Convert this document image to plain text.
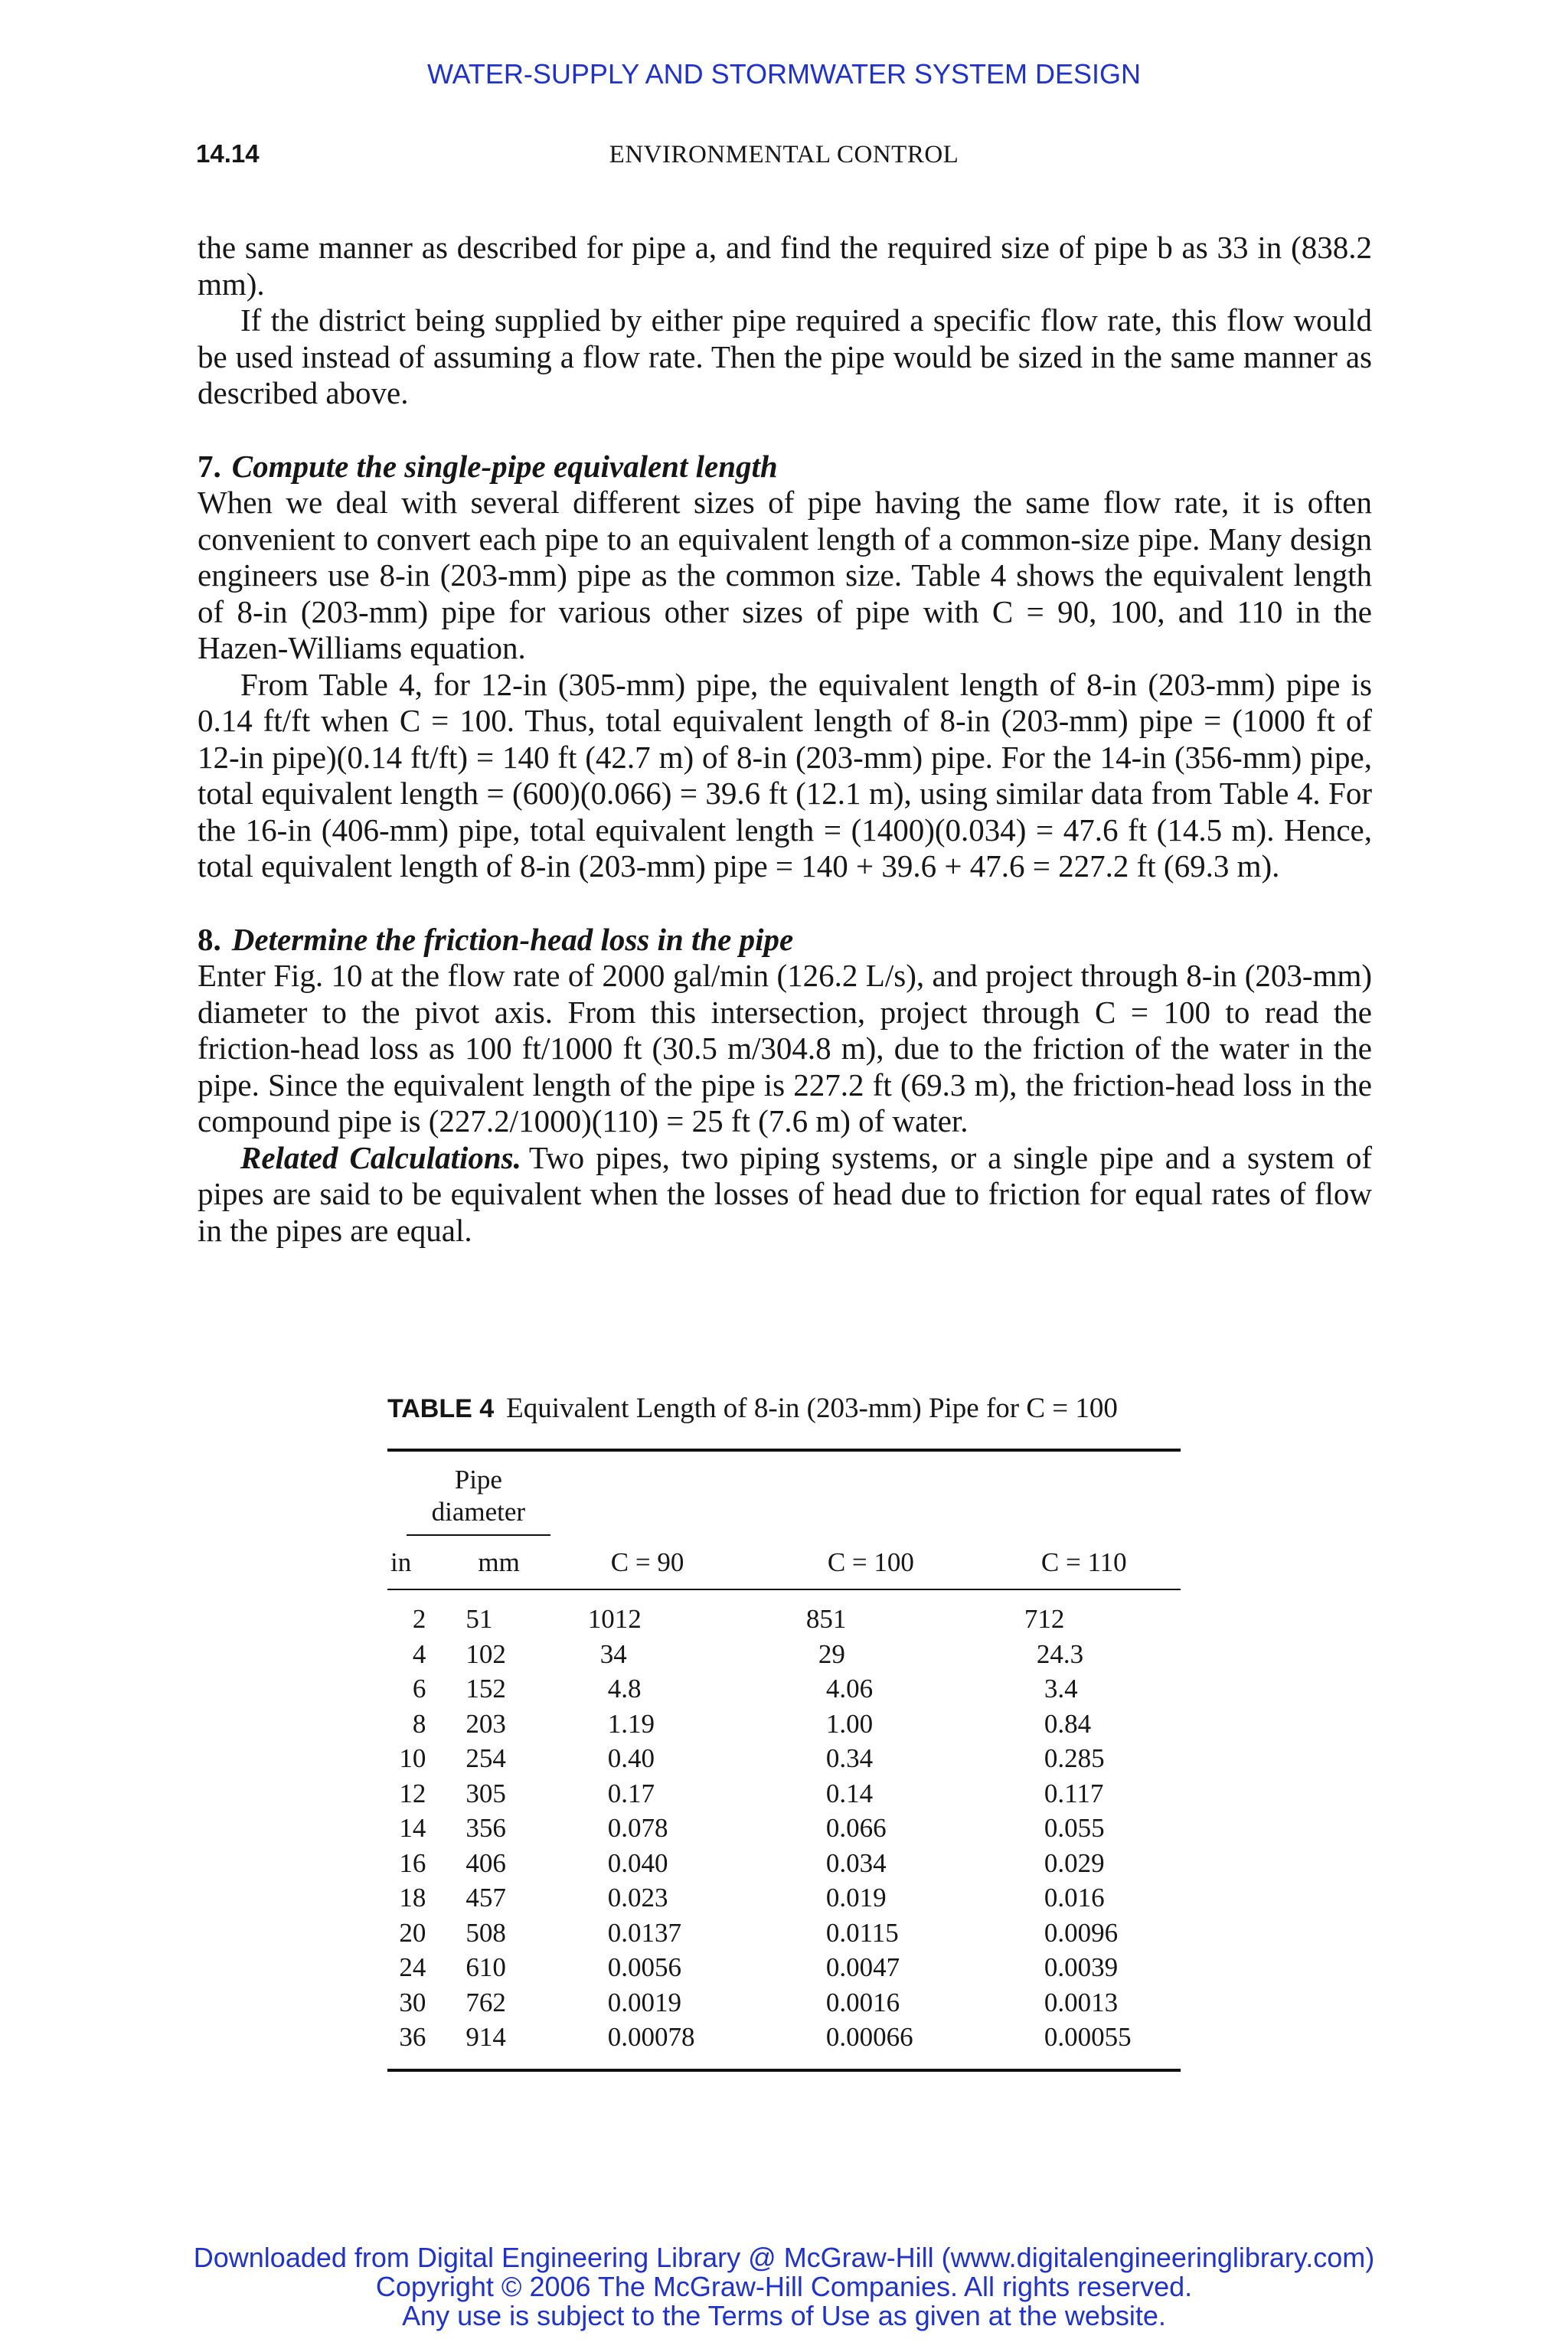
WATER-SUPPLY AND STORMWATER SYSTEM DESIGN
14.14	ENVIRONMENTAL CONTROL

the same manner as described for pipe a, and find the required size of pipe b as 33 in (838.2 mm).

If the district being supplied by either pipe required a specific flow rate, this flow would be used instead of assuming a flow rate. Then the pipe would be sized in the same manner as described above.

7. Compute the single-pipe equivalent length

When we deal with several different sizes of pipe having the same flow rate, it is often convenient to convert each pipe to an equivalent length of a common-size pipe. Many design engineers use 8-in (203-mm) pipe as the common size. Table 4 shows the equivalent length of 8-in (203-mm) pipe for various other sizes of pipe with C = 90, 100, and 110 in the Hazen-Williams equation.

From Table 4, for 12-in (305-mm) pipe, the equivalent length of 8-in (203-mm) pipe is 0.14 ft/ft when C = 100. Thus, total equivalent length of 8-in (203-mm) pipe = (1000 ft of 12-in pipe)(0.14 ft/ft) = 140 ft (42.7 m) of 8-in (203-mm) pipe. For the 14-in (356-mm) pipe, total equivalent length = (600)(0.066) = 39.6 ft (12.1 m), using similar data from Table 4. For the 16-in (406-mm) pipe, total equivalent length = (1400)(0.034) = 47.6 ft (14.5 m). Hence, total equivalent length of 8-in (203-mm) pipe = 140 + 39.6 + 47.6 = 227.2 ft (69.3 m).

8. Determine the friction-head loss in the pipe

Enter Fig. 10 at the flow rate of 2000 gal/min (126.2 L/s), and project through 8-in (203-mm) diameter to the pivot axis. From this intersection, project through C = 100 to read the friction-head loss as 100 ft/1000 ft (30.5 m/304.8 m), due to the friction of the water in the pipe. Since the equivalent length of the pipe is 227.2 ft (69.3 m), the friction-head loss in the compound pipe is (227.2/1000)(110) = 25 ft (7.6 m) of water.

Related Calculations. Two pipes, two piping systems, or a single pipe and a system of pipes are said to be equivalent when the losses of head due to friction for equal rates of flow in the pipes are equal.

TABLE 4 Equivalent Length of 8-in (203-mm) Pipe for C = 100
Pipe
diameter				
in	mm	C = 90	C = 100	C = 110
2	51	1012	851	712
4	102	34	29	24.3
6	152	4.8	4.06	3.4
8	203	1.19	1.00	0.84
10	254	0.40	0.34	0.285
12	305	0.17	0.14	0.117
14	356	0.078	0.066	0.055
16	406	0.040	0.034	0.029
18	457	0.023	0.019	0.016
20	508	0.0137	0.0115	0.0096
24	610	0.0056	0.0047	0.0039
30	762	0.0019	0.0016	0.0013
36	914	0.00078	0.00066	0.00055
Downloaded from Digital Engineering Library @ McGraw-Hill (www.digitalengineeringlibrary.com)
Copyright © 2006 The McGraw-Hill Companies. All rights reserved.
Any use is subject to the Terms of Use as given at the website.
